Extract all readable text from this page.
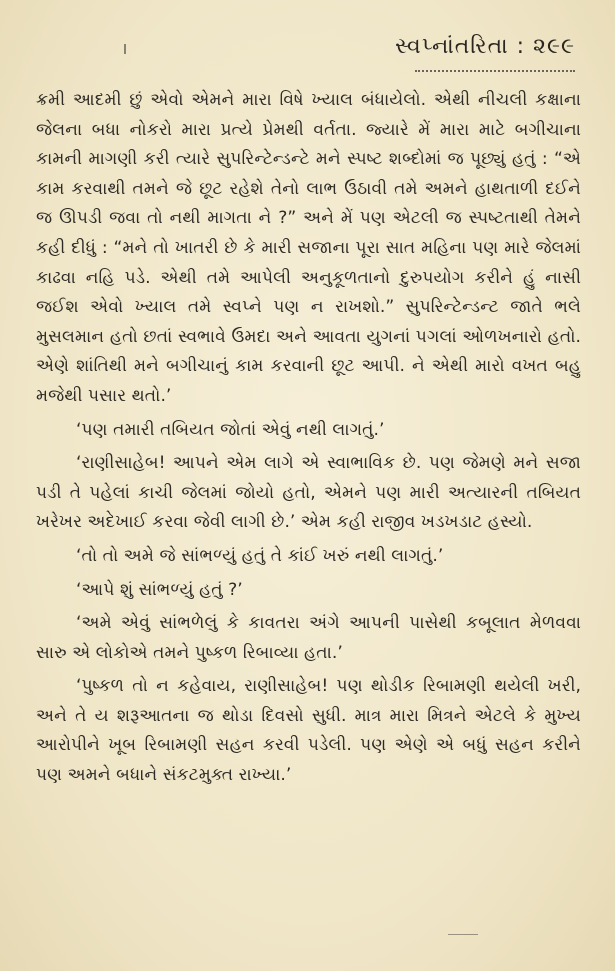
સ્વપ્નાંતરિતા : ૨૯૯

ક્રમી આદમી છું એવો એમને મારા વિષે ખ્યાલ બંધાયેલો. એથી નીચલી કક્ષાના જેલના બધા નોકરો મારા પ્રત્યે પ્રેમથી વર્તતા. જ્યારે મેં મારા માટે બગીચાના કામની માગણી કરી ત્યારે સુપરિન્ટેન્ડન્ટે મને સ્પષ્ટ શબ્દોમાં જ પૂછ્યું હતું : “એ કામ કરવાથી તમને જે છૂટ રહેશે તેનો લાભ ઉઠાવી તમે અમને હાથતાળી દઈને જ ઊપડી જવા તો નથી માગતા ને ?” અને મેં પણ એટલી જ સ્પષ્ટતાથી તેમને કહી દીધું : “મને તો ખાતરી છે કે મારી સજાના પૂરા સાત મહિના પણ મારે જેલમાં કાઢવા નહિ પડે. એથી તમે આપેલી અનુકૂળતાનો દુરુપયોગ કરીને હું નાસી જઈશ એવો ખ્યાલ તમે સ્વપ્ને પણ ન રાખશો.” સુપરિન્ટેન્ડન્ટ જાતે ભલે મુસલમાન હતો છતાં સ્વભાવે ઉમદા અને આવતા યુગનાં પગલાં ઓળખનારો હતો. એણે શાંતિથી મને બગીચાનું કામ કરવાની છૂટ આપી. ને એથી મારો વખત બહુ મજેથી પસાર થતો.’

‘પણ તમારી તબિયત જોતાં એવું નથી લાગતું.’

‘રાણીસાહેબ! આપને એમ લાગે એ સ્વાભાવિક છે. પણ જેમણે મને સજા પડી તે પહેલાં કાચી જેલમાં જોયો હતો, એમને પણ મારી અત્યારની તબિયત ખરેખર અદેખાઈ કરવા જેવી લાગી છે.’ એમ કહી રાજીવ ખડખડાટ હસ્યો.

‘તો તો અમે જે સાંભળ્યું હતું તે કાંઈ ખરું નથી લાગતું.’

‘આપે શું સાંભળ્યું હતું ?’

‘અમે એવું સાંભળેલું કે કાવતરા અંગે આપની પાસેથી કબૂલાત મેળવવા સારુ એ લોકોએ તમને પુષ્કળ રિબાવ્યા હતા.’

‘પુષ્કળ તો ન કહેવાય, રાણીસાહેબ! પણ થોડીક રિબામણી થયેલી ખરી, અને તે ય શરૂઆતના જ થોડા દિવસો સુધી. માત્ર મારા મિત્રને એટલે કે મુખ્ય આરોપીને ખૂબ રિબામણી સહન કરવી પડેલી. પણ એણે એ બધું સહન કરીને પણ અમને બધાને સંકટમુક્ત રાખ્યા.’
